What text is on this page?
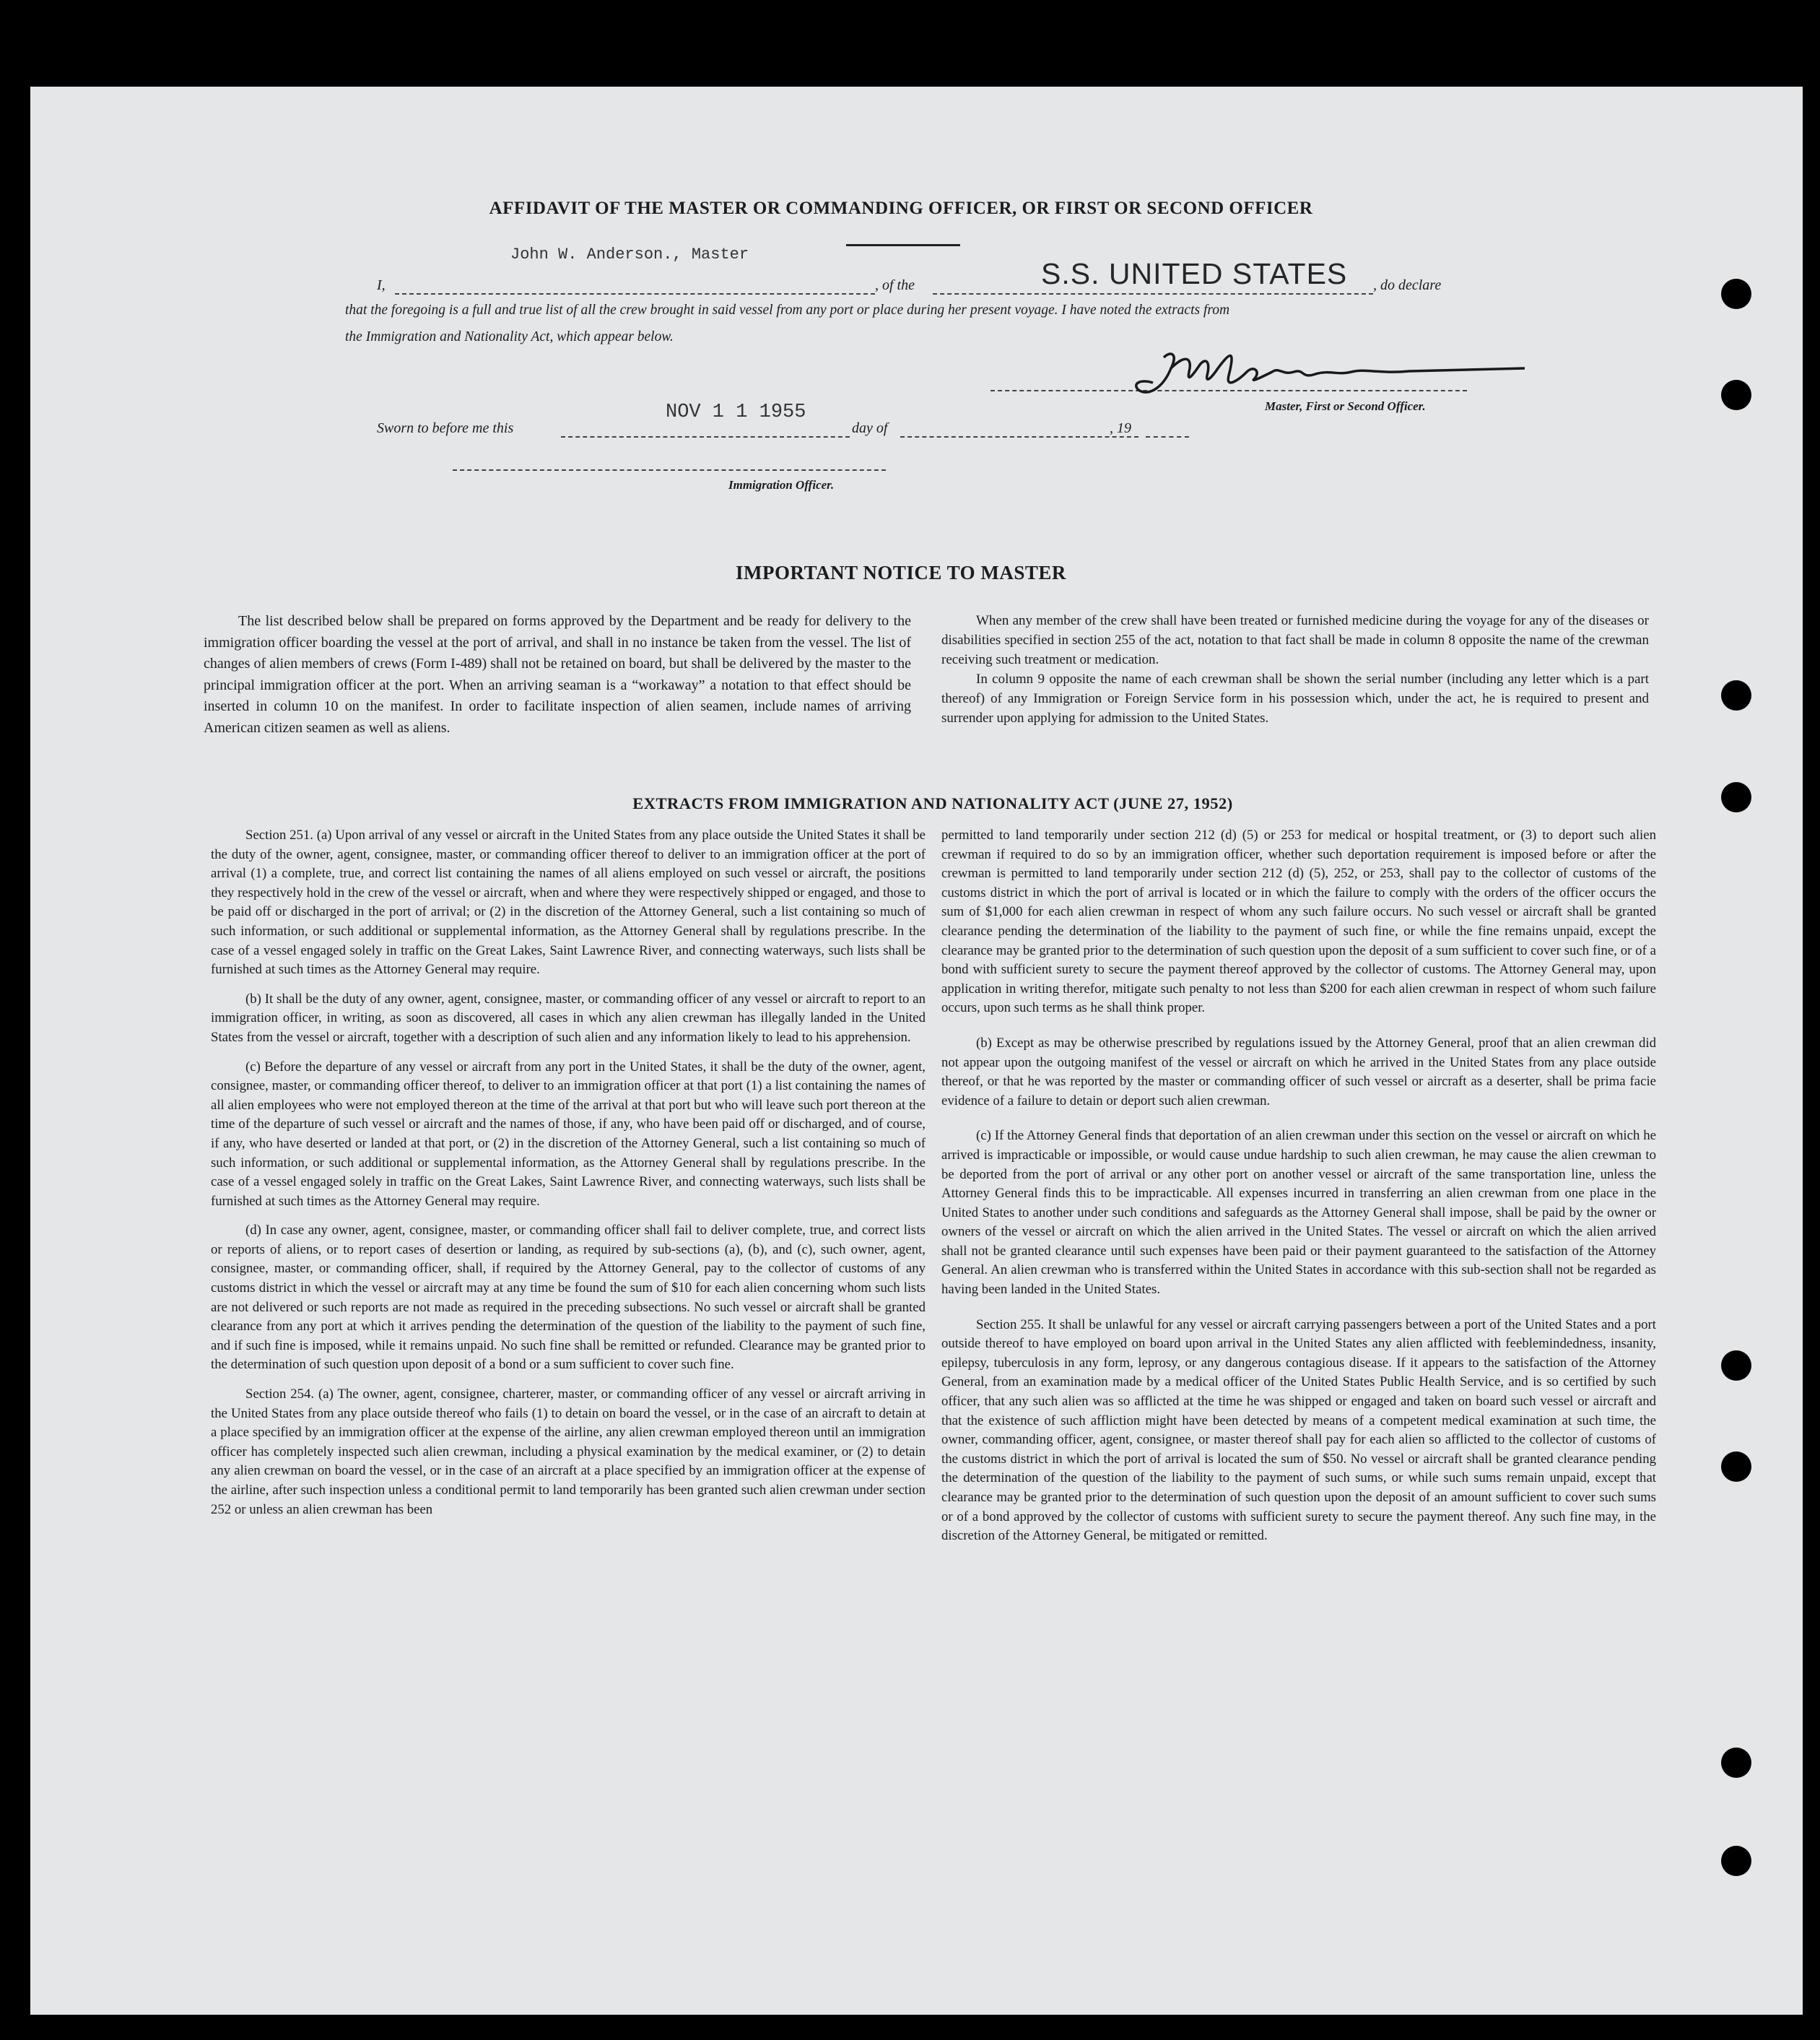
AFFIDAVIT OF THE MASTER OR COMMANDING OFFICER, OR FIRST OR SECOND OFFICER
John W. Anderson., Master
I,	, of the	S.S. UNITED STATES , do declare
that the foregoing is a full and true list of all the crew brought in said vessel from any port or place during her present voyage. I have noted the extracts from
the Immigration and Nationality Act, which appear below.
Master, First or Second Officer.
Sworn to before me this
NOV 1 1 1955
day of	, 19
Immigration Officer.
IMPORTANT NOTICE TO MASTER

The list described below shall be prepared on forms approved by the Department and be ready for delivery to the immigration officer boarding the vessel at the port of arrival, and shall in no instance be taken from the vessel. The list of changes of alien members of crews (Form I-489) shall not be retained on board, but shall be delivered by the master to the principal immigration officer at the port. When an arriving seaman is a “workaway” a notation to that effect should be inserted in column 10 on the manifest. In order to facilitate inspection of alien seamen, include names of arriving American citizen seamen as well as aliens.

When any member of the crew shall have been treated or furnished medicine during the voyage for any of the diseases or disabilities specified in section 255 of the act, notation to that fact shall be made in column 8 opposite the name of the crewman receiving such treatment or medication.

In column 9 opposite the name of each crewman shall be shown the serial number (including any letter which is a part thereof) of any Immigration or Foreign Service form in his possession which, under the act, he is required to present and surrender upon applying for admission to the United States.

EXTRACTS FROM IMMIGRATION AND NATIONALITY ACT (JUNE 27, 1952)

Section 251. (a) Upon arrival of any vessel or aircraft in the United States from any place outside the United States it shall be the duty of the owner, agent, consignee, master, or commanding officer thereof to deliver to an immigration officer at the port of arrival (1) a complete, true, and correct list containing the names of all aliens employed on such vessel or aircraft, the positions they respectively hold in the crew of the vessel or aircraft, when and where they were respectively shipped or engaged, and those to be paid off or discharged in the port of arrival; or (2) in the discretion of the Attorney General, such a list containing so much of such information, or such additional or supplemental information, as the Attorney General shall by regulations prescribe. In the case of a vessel engaged solely in traffic on the Great Lakes, Saint Lawrence River, and connecting waterways, such lists shall be furnished at such times as the Attorney General may require.

(b) It shall be the duty of any owner, agent, consignee, master, or commanding officer of any vessel or aircraft to report to an immigration officer, in writing, as soon as discovered, all cases in which any alien crewman has illegally landed in the United States from the vessel or aircraft, together with a description of such alien and any information likely to lead to his apprehension.

(c) Before the departure of any vessel or aircraft from any port in the United States, it shall be the duty of the owner, agent, consignee, master, or commanding officer thereof, to deliver to an immigration officer at that port (1) a list containing the names of all alien employees who were not employed thereon at the time of the arrival at that port but who will leave such port thereon at the time of the departure of such vessel or aircraft and the names of those, if any, who have been paid off or discharged, and of course, if any, who have deserted or landed at that port, or (2) in the discretion of the Attorney General, such a list containing so much of such information, or such additional or supplemental information, as the Attorney General shall by regulations prescribe. In the case of a vessel engaged solely in traffic on the Great Lakes, Saint Lawrence River, and connecting waterways, such lists shall be furnished at such times as the Attorney General may require.

(d) In case any owner, agent, consignee, master, or commanding officer shall fail to deliver complete, true, and correct lists or reports of aliens, or to report cases of desertion or landing, as required by sub-sections (a), (b), and (c), such owner, agent, consignee, master, or commanding officer, shall, if required by the Attorney General, pay to the collector of customs of any customs district in which the vessel or aircraft may at any time be found the sum of $10 for each alien concerning whom such lists are not delivered or such reports are not made as required in the preceding subsections. No such vessel or aircraft shall be granted clearance from any port at which it arrives pending the determination of the question of the liability to the payment of such fine, and if such fine is imposed, while it remains unpaid. No such fine shall be remitted or refunded. Clearance may be granted prior to the determination of such question upon deposit of a bond or a sum sufficient to cover such fine.

Section 254. (a) The owner, agent, consignee, charterer, master, or commanding officer of any vessel or aircraft arriving in the United States from any place outside thereof who fails (1) to detain on board the vessel, or in the case of an aircraft to detain at a place specified by an immigration officer at the expense of the airline, any alien crewman employed thereon until an immigration officer has completely inspected such alien crewman, including a physical examination by the medical examiner, or (2) to detain any alien crewman on board the vessel, or in the case of an aircraft at a place specified by an immigration officer at the expense of the airline, after such inspection unless a conditional permit to land temporarily has been granted such alien crewman under section 252 or unless an alien crewman has been

permitted to land temporarily under section 212 (d) (5) or 253 for medical or hospital treatment, or (3) to deport such alien crewman if required to do so by an immigration officer, whether such deportation requirement is imposed before or after the crewman is permitted to land temporarily under section 212 (d) (5), 252, or 253, shall pay to the collector of customs of the customs district in which the port of arrival is located or in which the failure to comply with the orders of the officer occurs the sum of $1,000 for each alien crewman in respect of whom any such failure occurs. No such vessel or aircraft shall be granted clearance pending the determination of the liability to the payment of such fine, or while the fine remains unpaid, except the clearance may be granted prior to the determination of such question upon the deposit of a sum sufficient to cover such fine, or of a bond with sufficient surety to secure the payment thereof approved by the collector of customs. The Attorney General may, upon application in writing therefor, mitigate such penalty to not less than $200 for each alien crewman in respect of whom such failure occurs, upon such terms as he shall think proper.

(b) Except as may be otherwise prescribed by regulations issued by the Attorney General, proof that an alien crewman did not appear upon the outgoing manifest of the vessel or aircraft on which he arrived in the United States from any place outside thereof, or that he was reported by the master or commanding officer of such vessel or aircraft as a deserter, shall be prima facie evidence of a failure to detain or deport such alien crewman.

(c) If the Attorney General finds that deportation of an alien crewman under this section on the vessel or aircraft on which he arrived is impracticable or impossible, or would cause undue hardship to such alien crewman, he may cause the alien crewman to be deported from the port of arrival or any other port on another vessel or aircraft of the same transportation line, unless the Attorney General finds this to be impracticable. All expenses incurred in transferring an alien crewman from one place in the United States to another under such conditions and safeguards as the Attorney General shall impose, shall be paid by the owner or owners of the vessel or aircraft on which the alien arrived in the United States. The vessel or aircraft on which the alien arrived shall not be granted clearance until such expenses have been paid or their payment guaranteed to the satisfaction of the Attorney General. An alien crewman who is transferred within the United States in accordance with this sub-section shall not be regarded as having been landed in the United States.

Section 255. It shall be unlawful for any vessel or aircraft carrying passengers between a port of the United States and a port outside thereof to have employed on board upon arrival in the United States any alien afflicted with feeblemindedness, insanity, epilepsy, tuberculosis in any form, leprosy, or any dangerous contagious disease. If it appears to the satisfaction of the Attorney General, from an examination made by a medical officer of the United States Public Health Service, and is so certified by such officer, that any such alien was so afflicted at the time he was shipped or engaged and taken on board such vessel or aircraft and that the existence of such affliction might have been detected by means of a competent medical examination at such time, the owner, commanding officer, agent, consignee, or master thereof shall pay for each alien so afflicted to the collector of customs of the customs district in which the port of arrival is located the sum of $50. No vessel or aircraft shall be granted clearance pending the determination of the question of the liability to the payment of such sums, or while such sums remain unpaid, except that clearance may be granted prior to the determination of such question upon the deposit of an amount sufficient to cover such sums or of a bond approved by the collector of customs with sufficient surety to secure the payment thereof. Any such fine may, in the discretion of the Attorney General, be mitigated or remitted.
